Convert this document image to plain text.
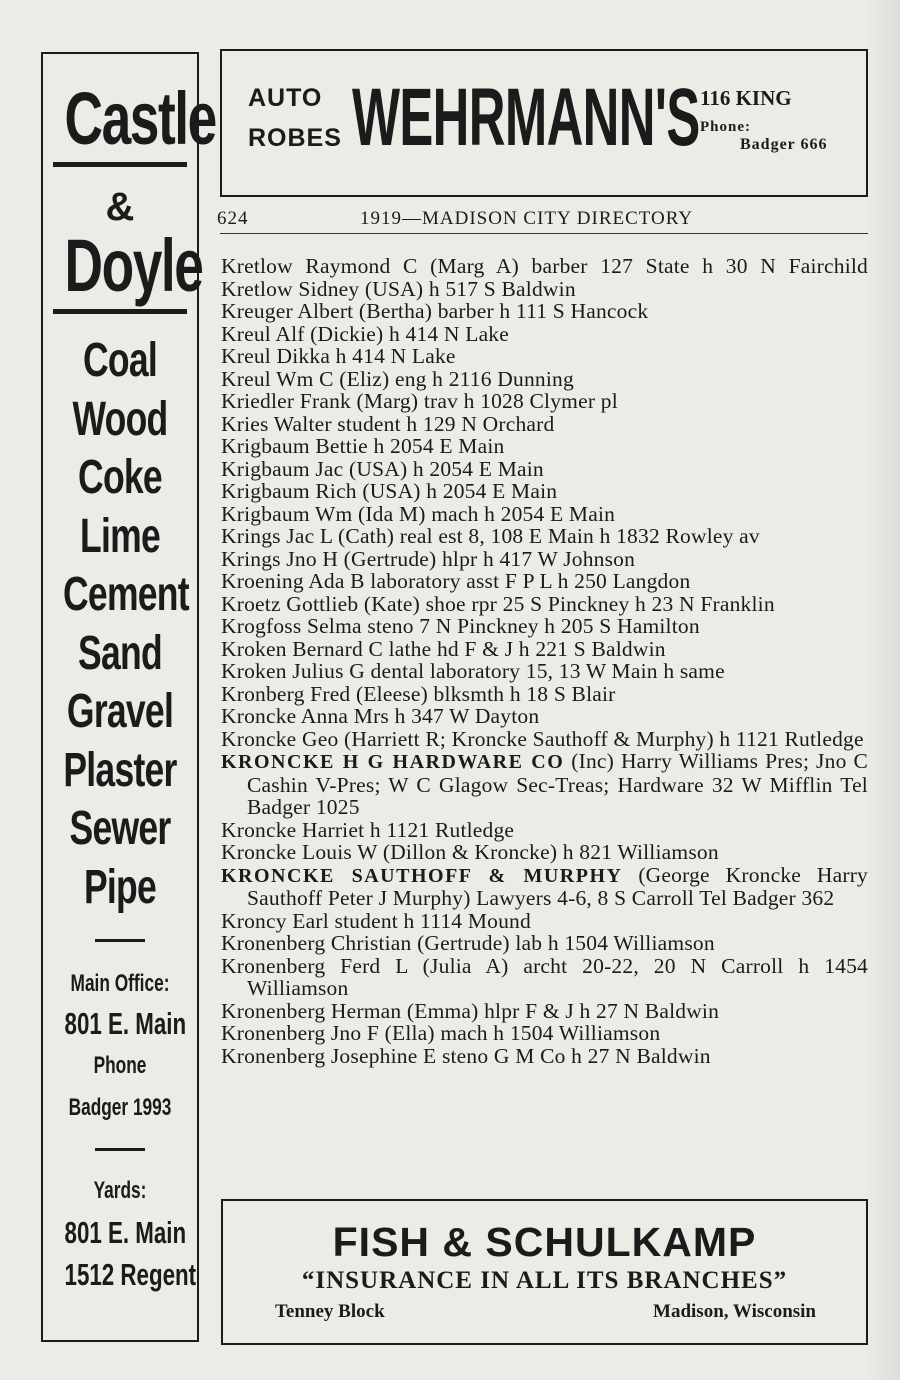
Castle
&
Doyle
Coal
Wood
Coke
Lime
Cement
Sand
Gravel
Plaster
Sewer
Pipe
Main Office:
801 E. Main
Phone
Badger 1993
Yards:
801 E. Main
1512 Regent
AUTO
ROBES WEHRMANN'S 116 KING
Phone:
Badger 666
624	1919—MADISON CITY DIRECTORY
Kretlow Raymond C (Marg A) barber 127 State h 30 N Fairchild
Kretlow Sidney (USA) h 517 S Baldwin
Kreuger Albert (Bertha) barber h 111 S Hancock
Kreul Alf (Dickie) h 414 N Lake
Kreul Dikka h 414 N Lake
Kreul Wm C (Eliz) eng h 2116 Dunning
Kriedler Frank (Marg) trav h 1028 Clymer pl
Kries Walter student h 129 N Orchard
Krigbaum Bettie h 2054 E Main
Krigbaum Jac (USA) h 2054 E Main
Krigbaum Rich (USA) h 2054 E Main
Krigbaum Wm (Ida M) mach h 2054 E Main
Krings Jac L (Cath) real est 8, 108 E Main h 1832 Rowley av
Krings Jno H (Gertrude) hlpr h 417 W Johnson
Kroening Ada B laboratory asst F P L h 250 Langdon
Kroetz Gottlieb (Kate) shoe rpr 25 S Pinckney h 23 N Franklin
Krogfoss Selma steno 7 N Pinckney h 205 S Hamilton
Kroken Bernard C lathe hd F & J h 221 S Baldwin
Kroken Julius G dental laboratory 15, 13 W Main h same
Kronberg Fred (Eleese) blksmth h 18 S Blair
Kroncke Anna Mrs h 347 W Dayton
Kroncke Geo (Harriett R; Kroncke Sauthoff & Murphy) h 1121 Rutledge
KRONCKE H G HARDWARE CO (Inc) Harry Williams Pres; Jno C Cashin V-Pres; W C Glagow Sec-Treas; Hardware 32 W Mifflin Tel Badger 1025
Kroncke Harriet h 1121 Rutledge
Kroncke Louis W (Dillon & Kroncke) h 821 Williamson
KRONCKE SAUTHOFF & MURPHY (George Kroncke Harry Sauthoff Peter J Murphy) Lawyers 4-6, 8 S Carroll Tel Badger 362
Kroncy Earl student h 1114 Mound
Kronenberg Christian (Gertrude) lab h 1504 Williamson
Kronenberg Ferd L (Julia A) archt 20-22, 20 N Carroll h 1454 Williamson
Kronenberg Herman (Emma) hlpr F & J h 27 N Baldwin
Kronenberg Jno F (Ella) mach h 1504 Williamson
Kronenberg Josephine E steno G M Co h 27 N Baldwin
FISH & SCHULKAMP
“INSURANCE IN ALL ITS BRANCHES”
Tenney Block	Madison, Wisconsin
